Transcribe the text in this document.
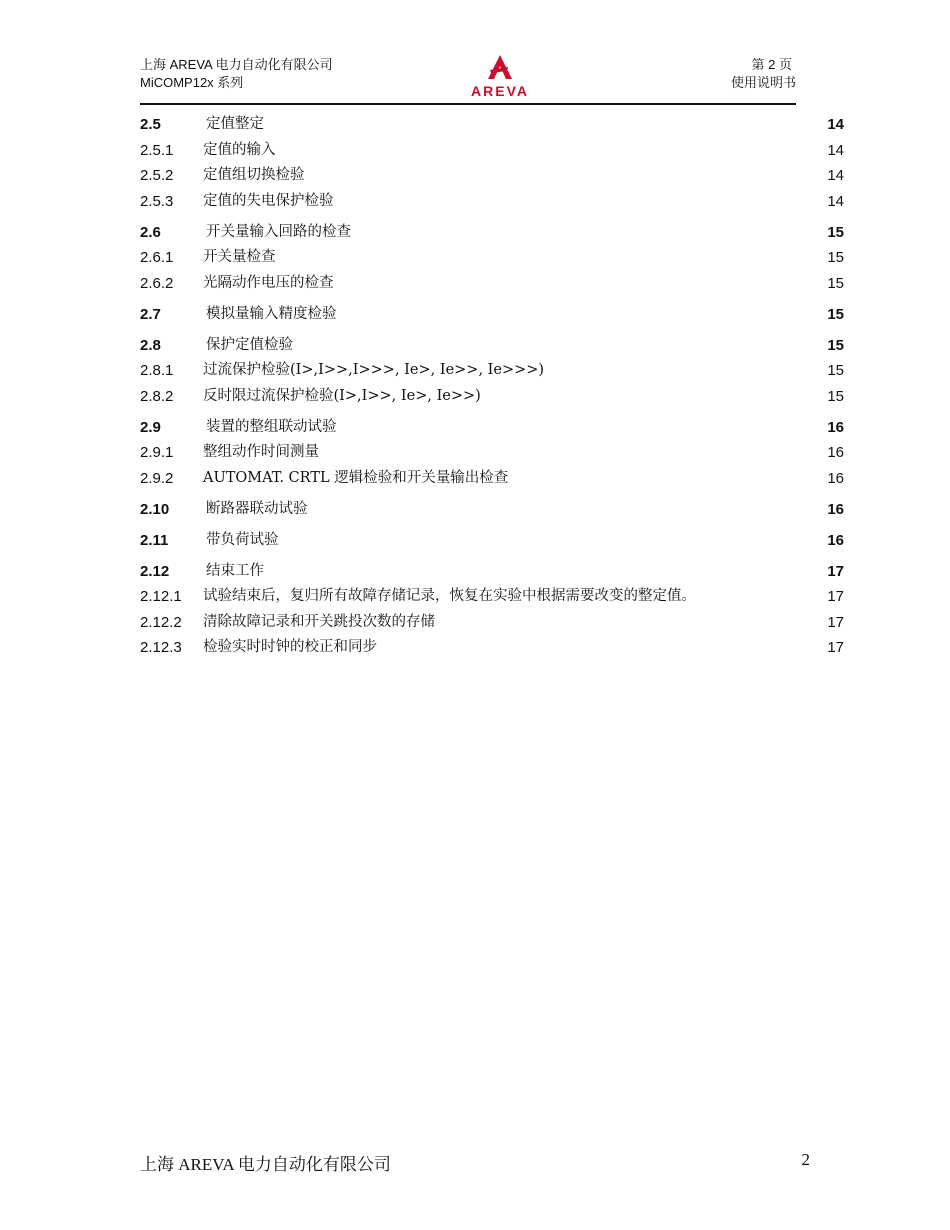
上海 AREVA 电力自动化有限公司
MiCOMP12x 系列
AREVA
第 2 页
使用说明书
2.5	定值整定	14
2.5.1 定值的输入	14
2.5.2 定值组切换检验	14
2.5.3 定值的失电保护检验	14
2.6	开关量输入回路的检查	15
2.6.1 开关量检查	15
2.6.2 光隔动作电压的检查	15
2.7	模拟量输入精度检验	15
2.8	保护定值检验	15
2.8.1 过流保护检验(I>,I>>,I>>>, Ie>, Ie>>, Ie>>>)	15
2.8.2 反时限过流保护检验(I>,I>>, Ie>, Ie>>)	15
2.9	装置的整组联动试验	16
2.9.1 整组动作时间测量	16
2.9.2 AUTOMAT. CRTL 逻辑检验和开关量输出检查	16
2.10	断路器联动试验	16
2.11	带负荷试验	16
2.12	结束工作	17
2.12.1 试验结束后，复归所有故障存储记录，恢复在实验中根据需要改变的整定值。	17
2.12.2 清除故障记录和开关跳投次数的存储	17
2.12.3 检验实时时钟的校正和同步	17
上海 AREVA 电力自动化有限公司	2
